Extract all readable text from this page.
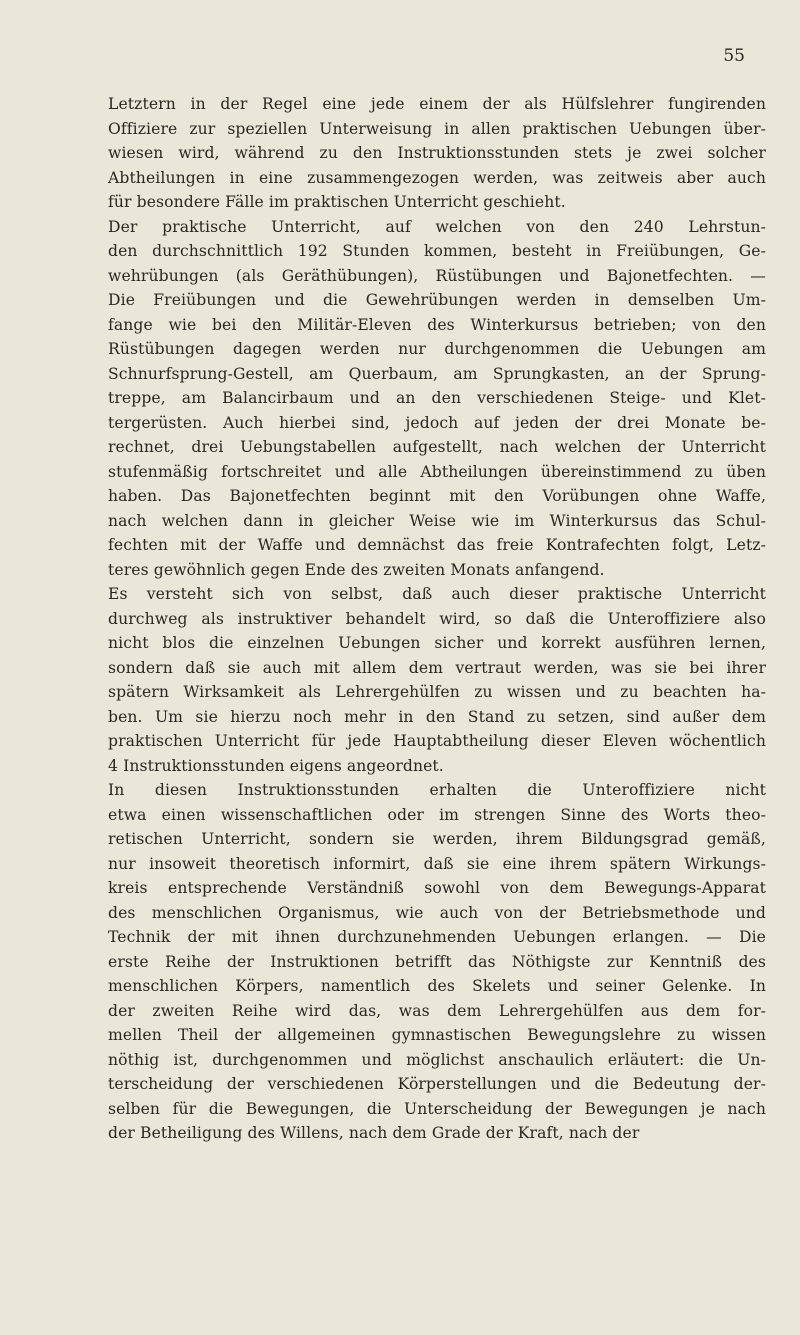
55
Letztern in der Regel eine jede einem der als Hülfslehrer fungirenden
Offiziere zur speziellen Unterweisung in allen praktischen Uebungen über-
wiesen wird, während zu den Instruktionsstunden stets je zwei solcher
Abtheilungen in eine zusammengezogen werden, was zeitweis aber auch
für besondere Fälle im praktischen Unterricht geschieht.
Der praktische Unterricht, auf welchen von den 240 Lehrstun-
den durchschnittlich 192 Stunden kommen, besteht in Freiübungen, Ge-
wehrübungen (als Geräthübungen), Rüstübungen und Bajonetfechten. —
Die Freiübungen und die Gewehrübungen werden in demselben Um-
fange wie bei den Militär-Eleven des Winterkursus betrieben; von den
Rüstübungen dagegen werden nur durchgenommen die Uebungen am
Schnurfsprung-Gestell, am Querbaum, am Sprungkasten, an der Sprung-
treppe, am Balancirbaum und an den verschiedenen Steige- und Klet-
tergerüsten. Auch hierbei sind, jedoch auf jeden der drei Monate be-
rechnet, drei Uebungstabellen aufgestellt, nach welchen der Unterricht
stufenmäßig fortschreitet und alle Abtheilungen übereinstimmend zu üben
haben. Das Bajonetfechten beginnt mit den Vorübungen ohne Waffe,
nach welchen dann in gleicher Weise wie im Winterkursus das Schul-
fechten mit der Waffe und demnächst das freie Kontrafechten folgt, Letz-
teres gewöhnlich gegen Ende des zweiten Monats anfangend.
Es versteht sich von selbst, daß auch dieser praktische Unterricht
durchweg als instruktiver behandelt wird, so daß die Unteroffiziere also
nicht blos die einzelnen Uebungen sicher und korrekt ausführen lernen,
sondern daß sie auch mit allem dem vertraut werden, was sie bei ihrer
spätern Wirksamkeit als Lehrergehülfen zu wissen und zu beachten ha-
ben. Um sie hierzu noch mehr in den Stand zu setzen, sind außer dem
praktischen Unterricht für jede Hauptabtheilung dieser Eleven wöchentlich
4 Instruktionsstunden eigens angeordnet.
In diesen Instruktionsstunden erhalten die Unteroffiziere nicht
etwa einen wissenschaftlichen oder im strengen Sinne des Worts theo-
retischen Unterricht, sondern sie werden, ihrem Bildungsgrad gemäß,
nur insoweit theoretisch informirt, daß sie eine ihrem spätern Wirkungs-
kreis entsprechende Verständniß sowohl von dem Bewegungs-Apparat
des menschlichen Organismus, wie auch von der Betriebsmethode und
Technik der mit ihnen durchzunehmenden Uebungen erlangen. — Die
erste Reihe der Instruktionen betrifft das Nöthigste zur Kenntniß des
menschlichen Körpers, namentlich des Skelets und seiner Gelenke. In
der zweiten Reihe wird das, was dem Lehrergehülfen aus dem for-
mellen Theil der allgemeinen gymnastischen Bewegungslehre zu wissen
nöthig ist, durchgenommen und möglichst anschaulich erläutert: die Un-
terscheidung der verschiedenen Körperstellungen und die Bedeutung der-
selben für die Bewegungen, die Unterscheidung der Bewegungen je nach
der Betheiligung des Willens, nach dem Grade der Kraft, nach der
